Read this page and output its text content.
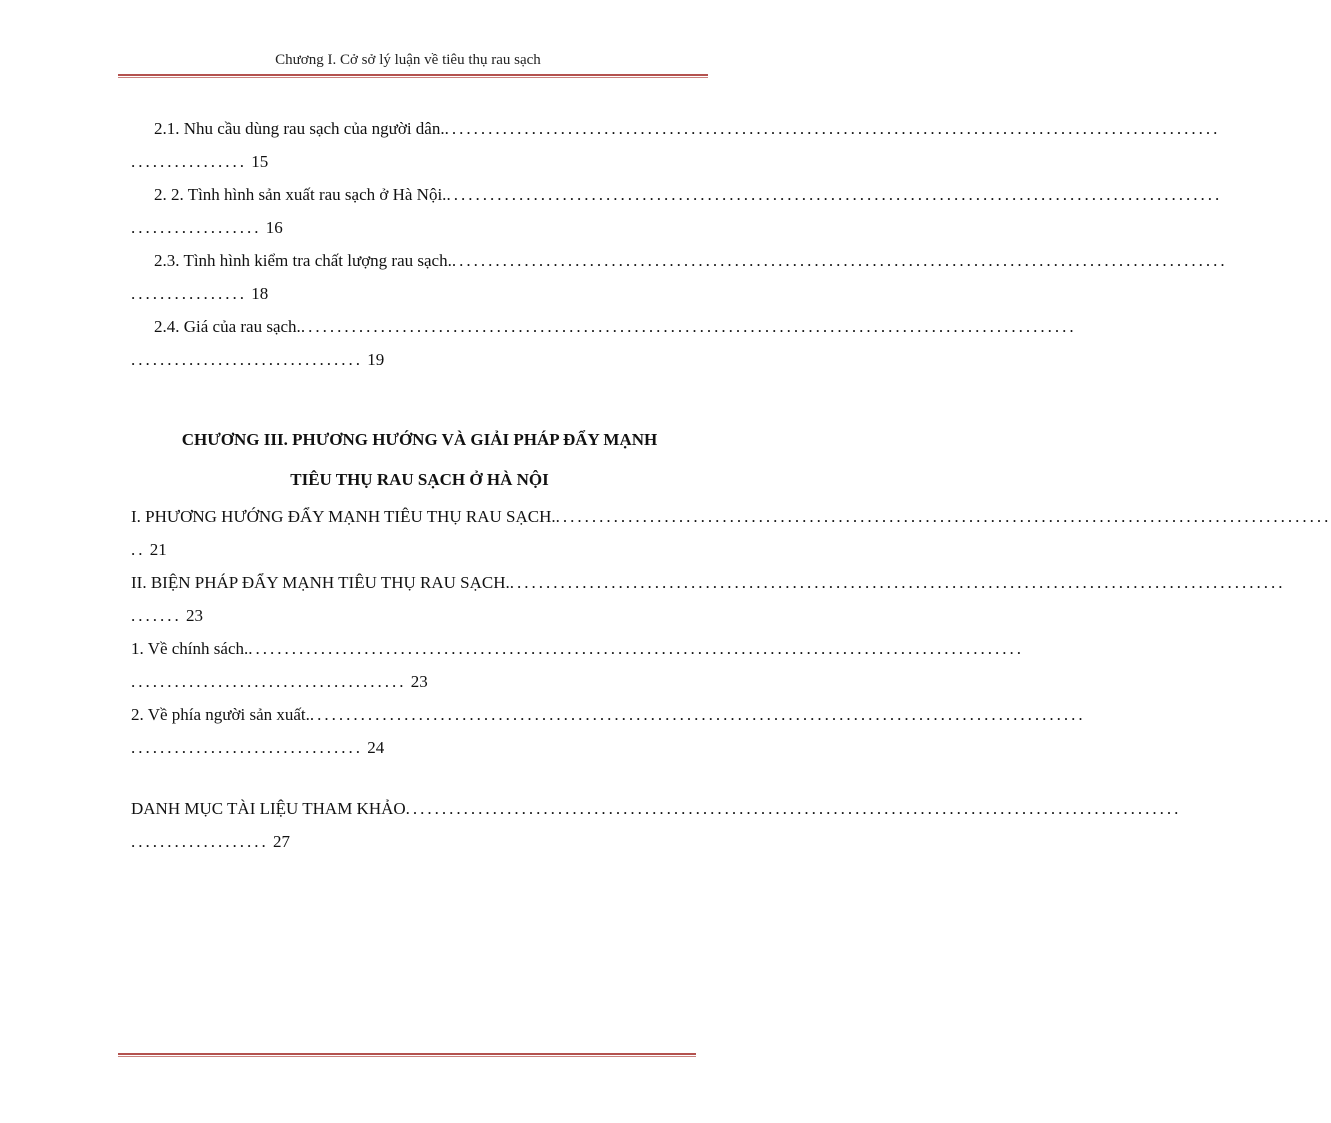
Chương I. Cở sở lý luận về tiêu thụ rau sạch
2.1. Nhu cầu dùng rau sạch của người dân. ...........................................................................................................
................ 15
2. 2. Tình hình sản xuất rau sạch ở Hà Nội. ...........................................................................................................
.................. 16
2.3. Tình hình kiểm tra chất lượng rau sạch. ...........................................................................................................
................ 18
2.4. Giá của rau sạch. ...........................................................................................................
................................ 19
CHƯƠNG III. PHƯƠNG HƯỚNG VÀ GIẢI PHÁP ĐẨY MẠNH
TIÊU THỤ RAU SẠCH Ở HÀ NỘI
I. PHƯƠNG HƯỚNG ĐẨY MẠNH TIÊU THỤ RAU SẠCH. ...........................................................................................................
.. 21
II. BIỆN PHÁP ĐẨY MẠNH TIÊU THỤ RAU SẠCH. ...........................................................................................................
....... 23
1. Về chính sách. ...........................................................................................................
...................................... 23
2. Về phía người sản xuất. ...........................................................................................................
................................ 24
DANH MỤC TÀI LIỆU THAM KHẢO ...........................................................................................................
................... 27
